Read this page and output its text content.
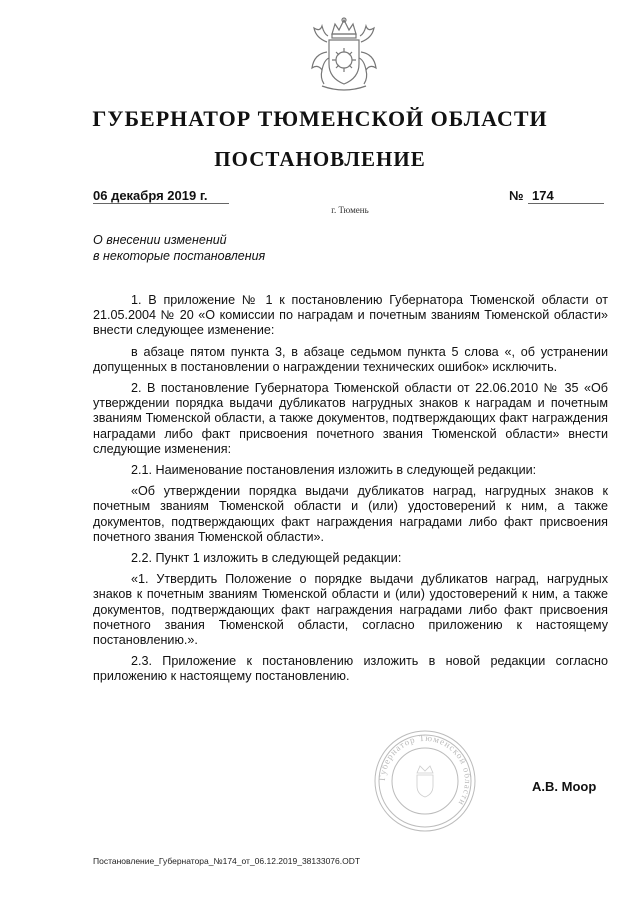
ГУБЕРНАТОР ТЮМЕНСКОЙ ОБЛАСТИ
ПОСТАНОВЛЕНИЕ
06 декабря 2019 г.	№ 174
г. Тюмень
О внесении изменений
в некоторые постановления

1. В приложение № 1 к постановлению Губернатора Тюменской области от 21.05.2004 № 20 «О комиссии по наградам и почетным званиям Тюменской области» внести следующее изменение:

в абзаце пятом пункта 3, в абзаце седьмом пункта 5 слова «, об устранении допущенных в постановлении о награждении технических ошибок» исключить.

2. В постановление Губернатора Тюменской области от 22.06.2010 № 35 «Об утверждении порядка выдачи дубликатов нагрудных знаков к наградам и почетным званиям Тюменской области, а также документов, подтверждающих факт награждения наградами либо факт присвоения почетного звания Тюменской области» внести следующие изменения:

2.1. Наименование постановления изложить в следующей редакции:

«Об утверждении порядка выдачи дубликатов наград, нагрудных знаков к почетным званиям Тюменской области и (или) удостоверений к ним, а также документов, подтверждающих факт награждения наградами либо факт присвоения почетного звания Тюменской области».

2.2. Пункт 1 изложить в следующей редакции:

«1. Утвердить Положение о порядке выдачи дубликатов наград, нагрудных знаков к почетным званиям Тюменской области и (или) удостоверений к ним, а также документов, подтверждающих факт награждения наградами либо факт присвоения почетного звания Тюменской области, согласно приложению к настоящему постановлению.».

2.3. Приложение к постановлению изложить в новой редакции согласно приложению к настоящему постановлению.

Губернатор Тюменской области
А.В. Моор
Постановление_Губернатора_№174_от_06.12.2019_38133076.ODT
